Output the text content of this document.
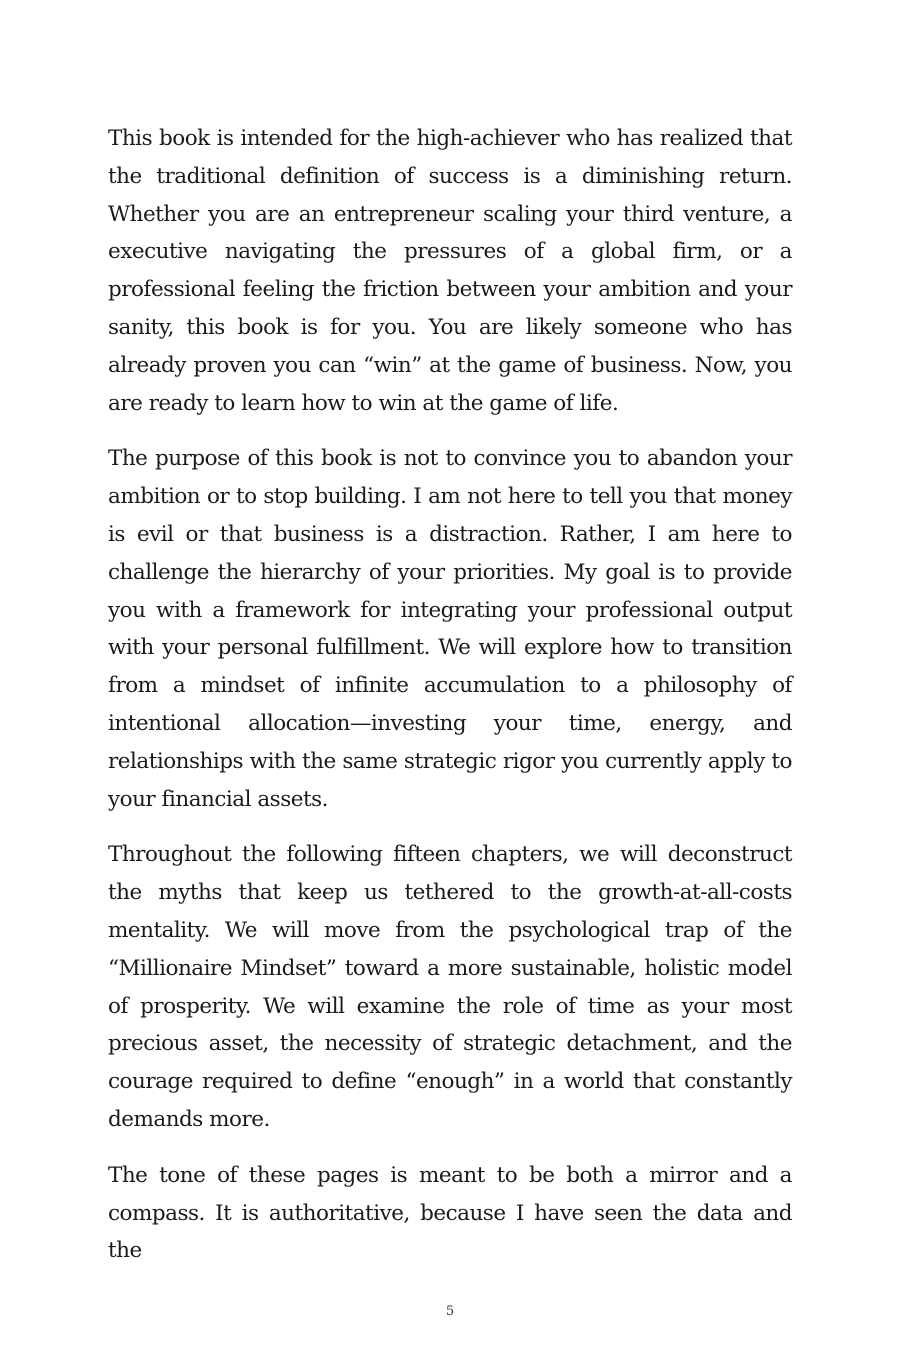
This book is intended for the high-achiever who has realized that the traditional definition of success is a diminishing return. Whether you are an entrepreneur scaling your third venture, a executive navigating the pressures of a global firm, or a professional feeling the friction between your ambition and your sanity, this book is for you. You are likely someone who has already proven you can “win” at the game of business. Now, you are ready to learn how to win at the game of life.

The purpose of this book is not to convince you to abandon your ambition or to stop building. I am not here to tell you that money is evil or that business is a distraction. Rather, I am here to challenge the hierarchy of your priorities. My goal is to provide you with a framework for integrating your professional output with your personal fulfillment. We will explore how to transition from a mindset of infinite accumulation to a philosophy of intentional allocation—investing your time, energy, and relationships with the same strategic rigor you currently apply to your financial assets.

Throughout the following fifteen chapters, we will deconstruct the myths that keep us tethered to the growth-at-all-costs mentality. We will move from the psychological trap of the “Millionaire Mindset” toward a more sustainable, holistic model of prosperity. We will examine the role of time as your most precious asset, the necessity of strategic detachment, and the courage required to define “enough” in a world that constantly demands more.

The tone of these pages is meant to be both a mirror and a compass. It is authoritative, because I have seen the data and the

5
